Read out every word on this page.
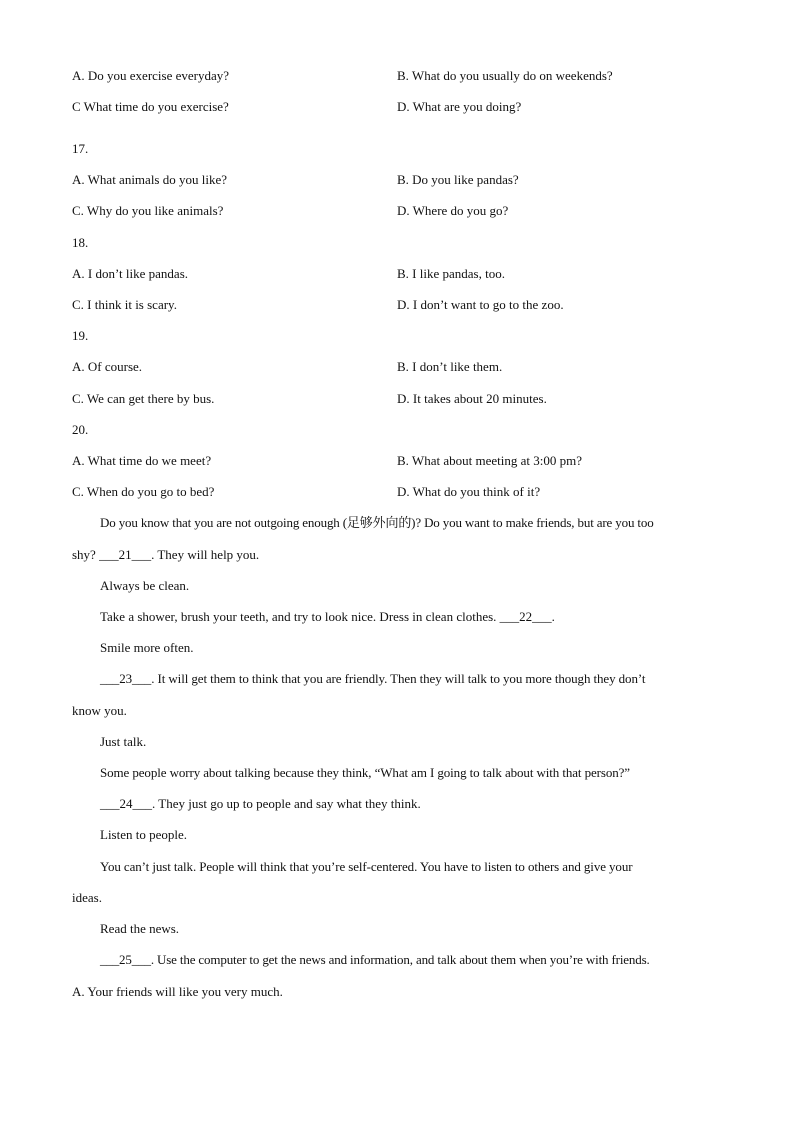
A. Do you exercise everyday?	B. What do you usually do on weekends?
C What time do you exercise?	D. What are you doing?
17.
A. What animals do you like?	B. Do you like pandas?
C. Why do you like animals?	D. Where do you go?
18.
A. I don’t like pandas.	B. I like pandas, too.
C. I think it is scary.	D. I don’t want to go to the zoo.
19.
A. Of course.	B. I don’t like them.
C. We can get there by bus.	D. It takes about 20 minutes.
20.
A. What time do we meet?	B. What about meeting at 3:00 pm?
C. When do you go to bed?	D. What do you think of it?
Do you know that you are not outgoing enough (足够外向的)? Do you want to make friends, but are you too
shy? ___21___. They will help you.
Always be clean.
Take a shower, brush your teeth, and try to look nice. Dress in clean clothes. ___22___.
Smile more often.
___23___. It will get them to think that you are friendly. Then they will talk to you more though they don’t
know you.
Just talk.
Some people worry about talking because they think, “What am I going to talk about with that person?”
___24___. They just go up to people and say what they think.
Listen to people.
You can’t just talk. People will think that you’re self-centered. You have to listen to others and give your
ideas.
Read the news.
___25___. Use the computer to get the news and information, and talk about them when you’re with friends.
A. Your friends will like you very much.
